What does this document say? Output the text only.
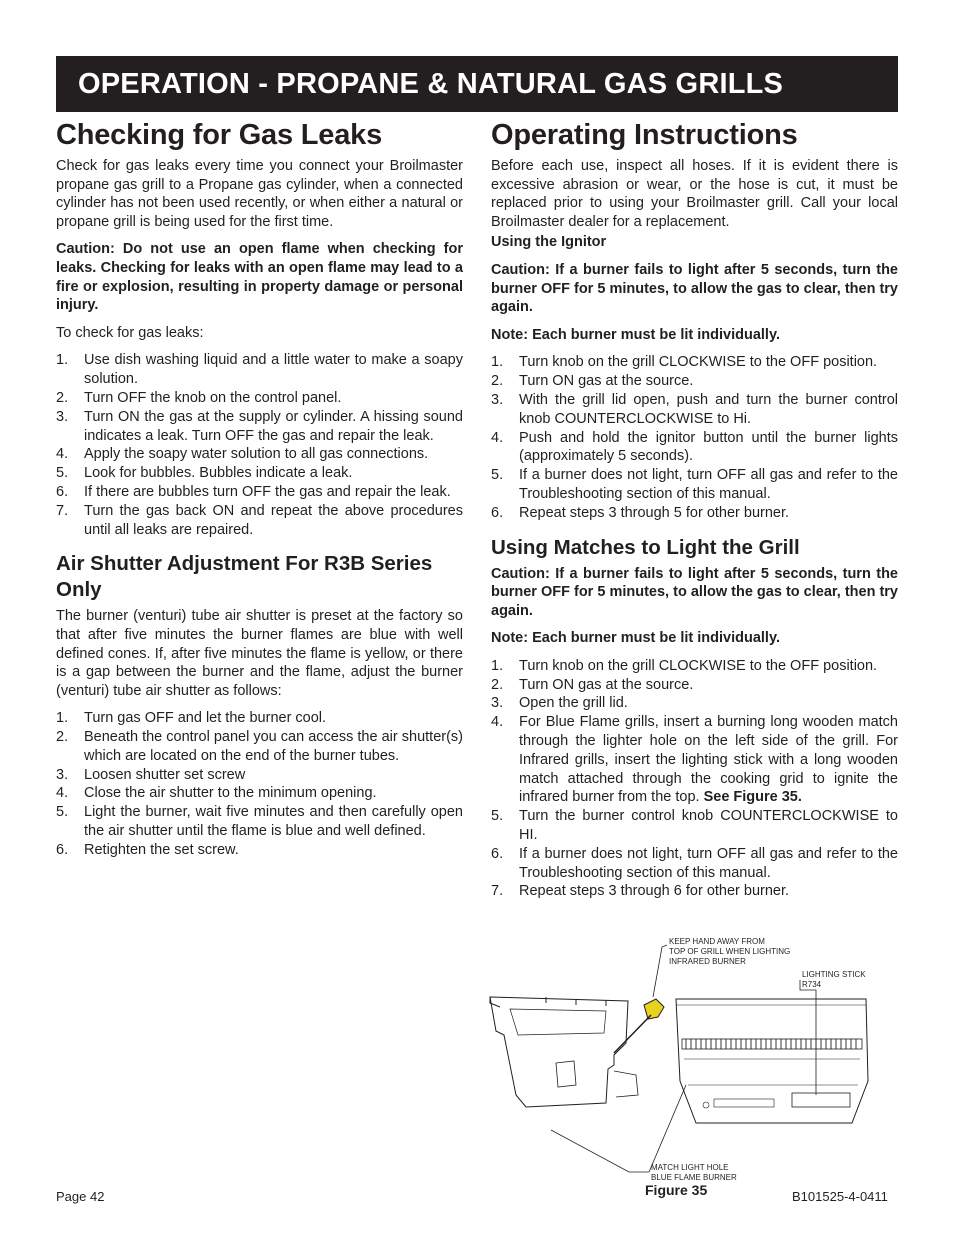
OPERATION - PROPANE & NATURAL GAS GRILLS
Checking for Gas Leaks

Check for gas leaks every time you connect your Broilmaster propane gas grill to a Propane gas cylinder, when a connected cylinder has not been used recently, or when either a natural or propane grill is being used for the first time.

Caution: Do not use an open flame when checking for leaks. Checking for leaks with an open flame may lead to a fire or explosion, resulting in property damage or personal injury.

To check for gas leaks:

1. Use dish washing liquid and a little water to make a soapy solution.
2. Turn OFF the knob on the control panel.
3. Turn ON the gas at the supply or cylinder. A hissing sound indicates a leak. Turn OFF the gas and repair the leak.
4. Apply the soapy water solution to all gas connections.
5. Look for bubbles. Bubbles indicate a leak.
6. If there are bubbles turn OFF the gas and repair the leak.
7. Turn the gas back ON and repeat the above procedures until all leaks are repaired.
Air Shutter Adjustment For R3B Series Only

The burner (venturi) tube air shutter is preset at the factory so that after five minutes the burner flames are blue with well defined cones. If, after five minutes the flame is yellow, or there is a gap between the burner and the flame, adjust the burner (venturi) tube air shutter as follows:

1. Turn gas OFF and let the burner cool.
2. Beneath the control panel you can access the air shutter(s) which are located on the end of the burner tubes.
3. Loosen shutter set screw
4. Close the air shutter to the minimum opening.
5. Light the burner, wait five minutes and then carefully open the air shutter until the flame is blue and well defined.
6. Retighten the set screw.
Operating Instructions

Before each use, inspect all hoses. If it is evident there is excessive abrasion or wear, or the hose is cut, it must be replaced prior to using your Broilmaster grill. Call your local Broilmaster dealer for a replacement.

Using the Ignitor

Caution: If a burner fails to light after 5 seconds, turn the burner OFF for 5 minutes, to allow the gas to clear, then try again.

Note: Each burner must be lit individually.

1. Turn knob on the grill CLOCKWISE to the OFF position.
2. Turn ON gas at the source.
3. With the grill lid open, push and turn the burner control knob COUNTERCLOCKWISE to Hi.
4. Push and hold the ignitor button until the burner lights (approximately 5 seconds).
5. If a burner does not light, turn OFF all gas and refer to the Troubleshooting section of this manual.
6. Repeat steps 3 through 5 for other burner.
Using Matches to Light the Grill

Caution: If a burner fails to light after 5 seconds, turn the burner OFF for 5 minutes, to allow the gas to clear, then try again.

Note: Each burner must be lit individually.

1. Turn knob on the grill CLOCKWISE to the OFF position.
2. Turn ON gas at the source.
3. Open the grill lid.
4. For Blue Flame grills, insert a burning long wooden match through the lighter hole on the left side of the grill. For Infrared grills, insert the lighting stick with a long wooden match attached through the cooking grid to ignite the infrared burner from the top. See Figure 35.
5. Turn the burner control knob COUNTERCLOCKWISE to HI.
6. If a burner does not light, turn OFF all gas and refer to the Troubleshooting section of this manual.
7. Repeat steps 3 through 6 for other burner.
KEEP HAND AWAY FROM
TOP OF GRILL WHEN LIGHTING
INFRARED BURNER
LIGHTING STICK
R734
MATCH LIGHT HOLE
BLUE FLAME BURNER
Figure 35
Page 42	B101525-4-0411
